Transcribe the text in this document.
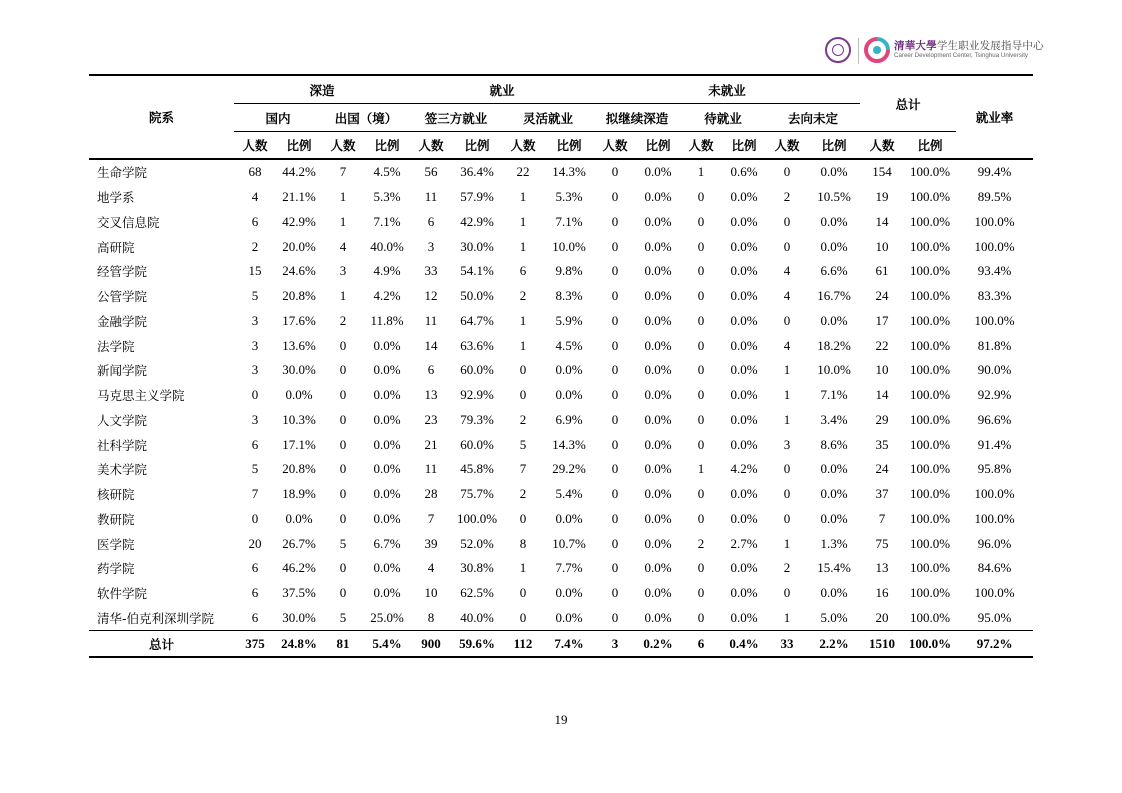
清華大學学生职业发展指导中心
Career Development Center, Tsinghua University
院系	深造				就业				未就业						总计		就业率
	国内		出国（境）		签三方就业		灵活就业		拟继续深造		待就业		去向未定				
	人数	比例	人数	比例	人数	比例	人数	比例	人数	比例	人数	比例	人数	比例	人数	比例	
生命学院	68	44.2%	7	4.5%	56	36.4%	22	14.3%	0	0.0%	1	0.6%	0	0.0%	154	100.0%	99.4%
地学系	4	21.1%	1	5.3%	11	57.9%	1	5.3%	0	0.0%	0	0.0%	2	10.5%	19	100.0%	89.5%
交叉信息院	6	42.9%	1	7.1%	6	42.9%	1	7.1%	0	0.0%	0	0.0%	0	0.0%	14	100.0%	100.0%
高研院	2	20.0%	4	40.0%	3	30.0%	1	10.0%	0	0.0%	0	0.0%	0	0.0%	10	100.0%	100.0%
经管学院	15	24.6%	3	4.9%	33	54.1%	6	9.8%	0	0.0%	0	0.0%	4	6.6%	61	100.0%	93.4%
公管学院	5	20.8%	1	4.2%	12	50.0%	2	8.3%	0	0.0%	0	0.0%	4	16.7%	24	100.0%	83.3%
金融学院	3	17.6%	2	11.8%	11	64.7%	1	5.9%	0	0.0%	0	0.0%	0	0.0%	17	100.0%	100.0%
法学院	3	13.6%	0	0.0%	14	63.6%	1	4.5%	0	0.0%	0	0.0%	4	18.2%	22	100.0%	81.8%
新闻学院	3	30.0%	0	0.0%	6	60.0%	0	0.0%	0	0.0%	0	0.0%	1	10.0%	10	100.0%	90.0%
马克思主义学院	0	0.0%	0	0.0%	13	92.9%	0	0.0%	0	0.0%	0	0.0%	1	7.1%	14	100.0%	92.9%
人文学院	3	10.3%	0	0.0%	23	79.3%	2	6.9%	0	0.0%	0	0.0%	1	3.4%	29	100.0%	96.6%
社科学院	6	17.1%	0	0.0%	21	60.0%	5	14.3%	0	0.0%	0	0.0%	3	8.6%	35	100.0%	91.4%
美术学院	5	20.8%	0	0.0%	11	45.8%	7	29.2%	0	0.0%	1	4.2%	0	0.0%	24	100.0%	95.8%
核研院	7	18.9%	0	0.0%	28	75.7%	2	5.4%	0	0.0%	0	0.0%	0	0.0%	37	100.0%	100.0%
教研院	0	0.0%	0	0.0%	7	100.0%	0	0.0%	0	0.0%	0	0.0%	0	0.0%	7	100.0%	100.0%
医学院	20	26.7%	5	6.7%	39	52.0%	8	10.7%	0	0.0%	2	2.7%	1	1.3%	75	100.0%	96.0%
药学院	6	46.2%	0	0.0%	4	30.8%	1	7.7%	0	0.0%	0	0.0%	2	15.4%	13	100.0%	84.6%
软件学院	6	37.5%	0	0.0%	10	62.5%	0	0.0%	0	0.0%	0	0.0%	0	0.0%	16	100.0%	100.0%
清华-伯克利深圳学院	6	30.0%	5	25.0%	8	40.0%	0	0.0%	0	0.0%	0	0.0%	1	5.0%	20	100.0%	95.0%
总计	375	24.8%	81	5.4%	900	59.6%	112	7.4%	3	0.2%	6	0.4%	33	2.2%	1510	100.0%	97.2%
19
